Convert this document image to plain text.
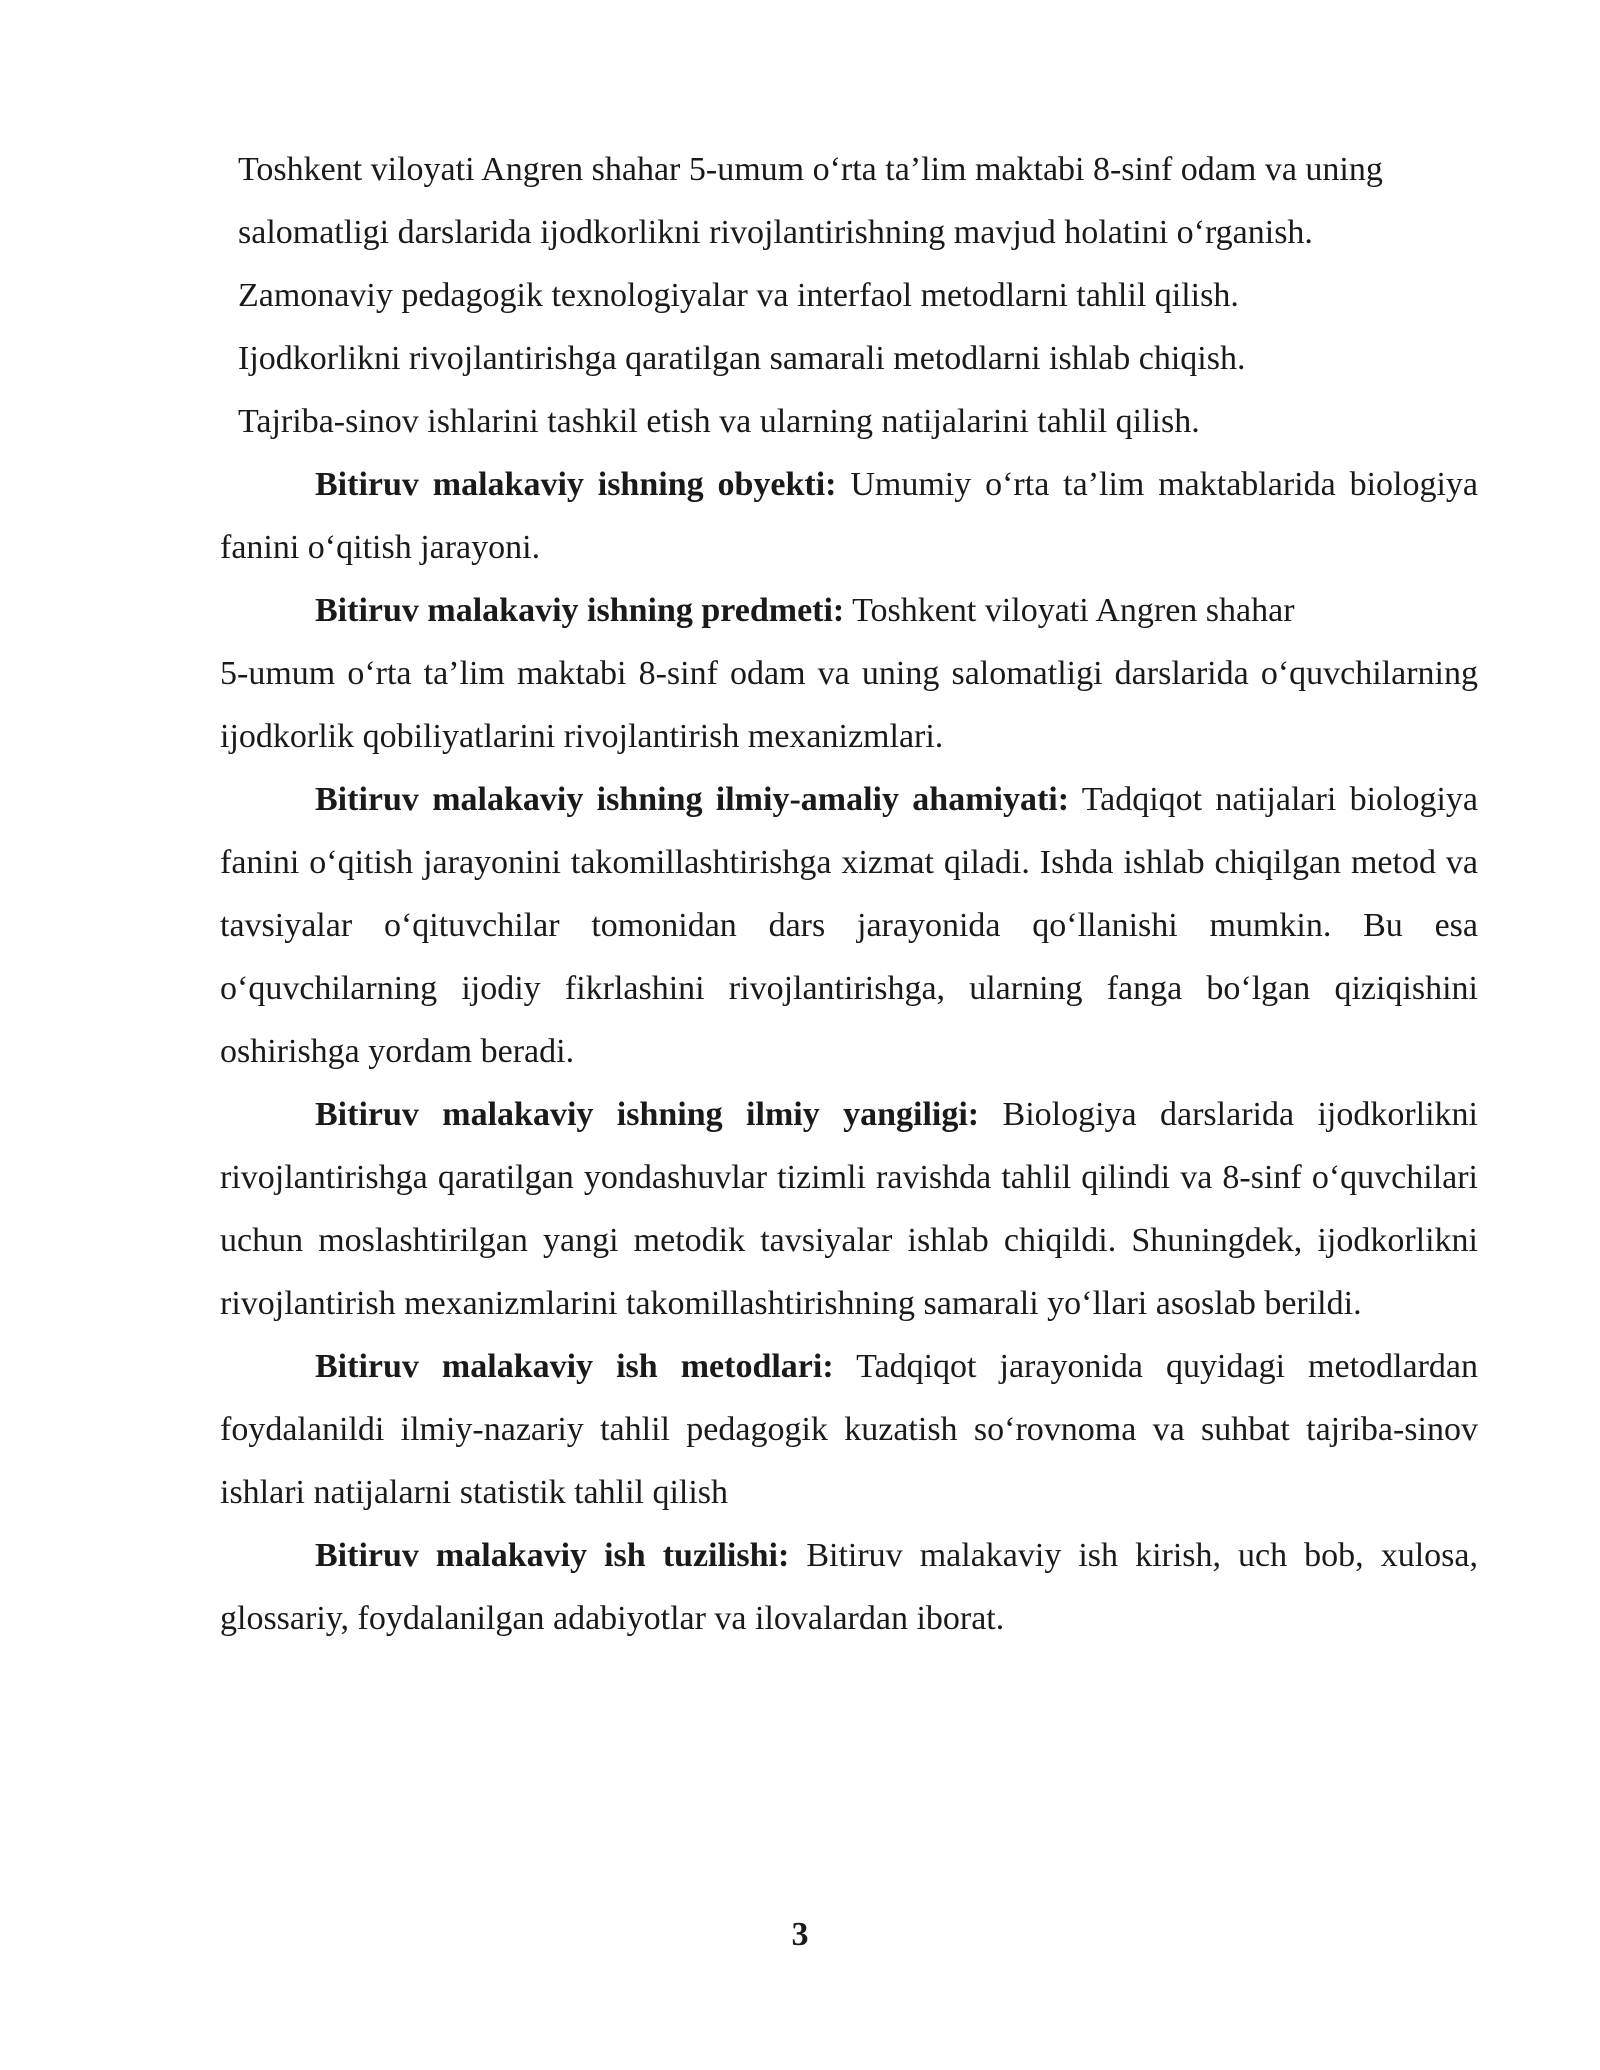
Toshkent viloyati Angren shahar 5-umum o‘rta ta’lim maktabi 8-sinf odam va uning
salomatligi darslarida ijodkorlikni rivojlantirishning mavjud holatini o‘rganish.
Zamonaviy pedagogik texnologiyalar va interfaol metodlarni tahlil qilish.
Ijodkorlikni rivojlantirishga qaratilgan samarali metodlarni ishlab chiqish.
Tajriba-sinov ishlarini tashkil etish va ularning natijalarini tahlil qilish.

Bitiruv malakaviy ishning obyekti: Umumiy o‘rta ta’lim maktablarida biologiya fanini o‘qitish jarayoni.

Bitiruv malakaviy ishning predmeti: Toshkent viloyati Angren shahar

5-umum o‘rta ta’lim maktabi 8-sinf odam va uning salomatligi darslarida o‘quvchilarning ijodkorlik qobiliyatlarini rivojlantirish mexanizmlari.

Bitiruv malakaviy ishning ilmiy-amaliy ahamiyati: Tadqiqot natijalari biologiya fanini o‘qitish jarayonini takomillashtirishga xizmat qiladi. Ishda ishlab chiqilgan metod va tavsiyalar o‘qituvchilar tomonidan dars jarayonida qo‘llanishi mumkin. Bu esa o‘quvchilarning ijodiy fikrlashini rivojlantirishga, ularning fanga bo‘lgan qiziqishini oshirishga yordam beradi.

Bitiruv malakaviy ishning ilmiy yangiligi: Biologiya darslarida ijodkorlikni rivojlantirishga qaratilgan yondashuvlar tizimli ravishda tahlil qilindi va 8-sinf o‘quvchilari uchun moslashtirilgan yangi metodik tavsiyalar ishlab chiqildi. Shuningdek, ijodkorlikni rivojlantirish mexanizmlarini takomillashtirishning samarali yo‘llari asoslab berildi.

Bitiruv malakaviy ish metodlari: Tadqiqot jarayonida quyidagi metodlardan foydalanildi ilmiy-nazariy tahlil pedagogik kuzatish so‘rovnoma va suhbat tajriba-sinov ishlari natijalarni statistik tahlil qilish

Bitiruv malakaviy ish tuzilishi: Bitiruv malakaviy ish kirish, uch bob, xulosa, glossariy, foydalanilgan adabiyotlar va ilovalardan iborat.

3
